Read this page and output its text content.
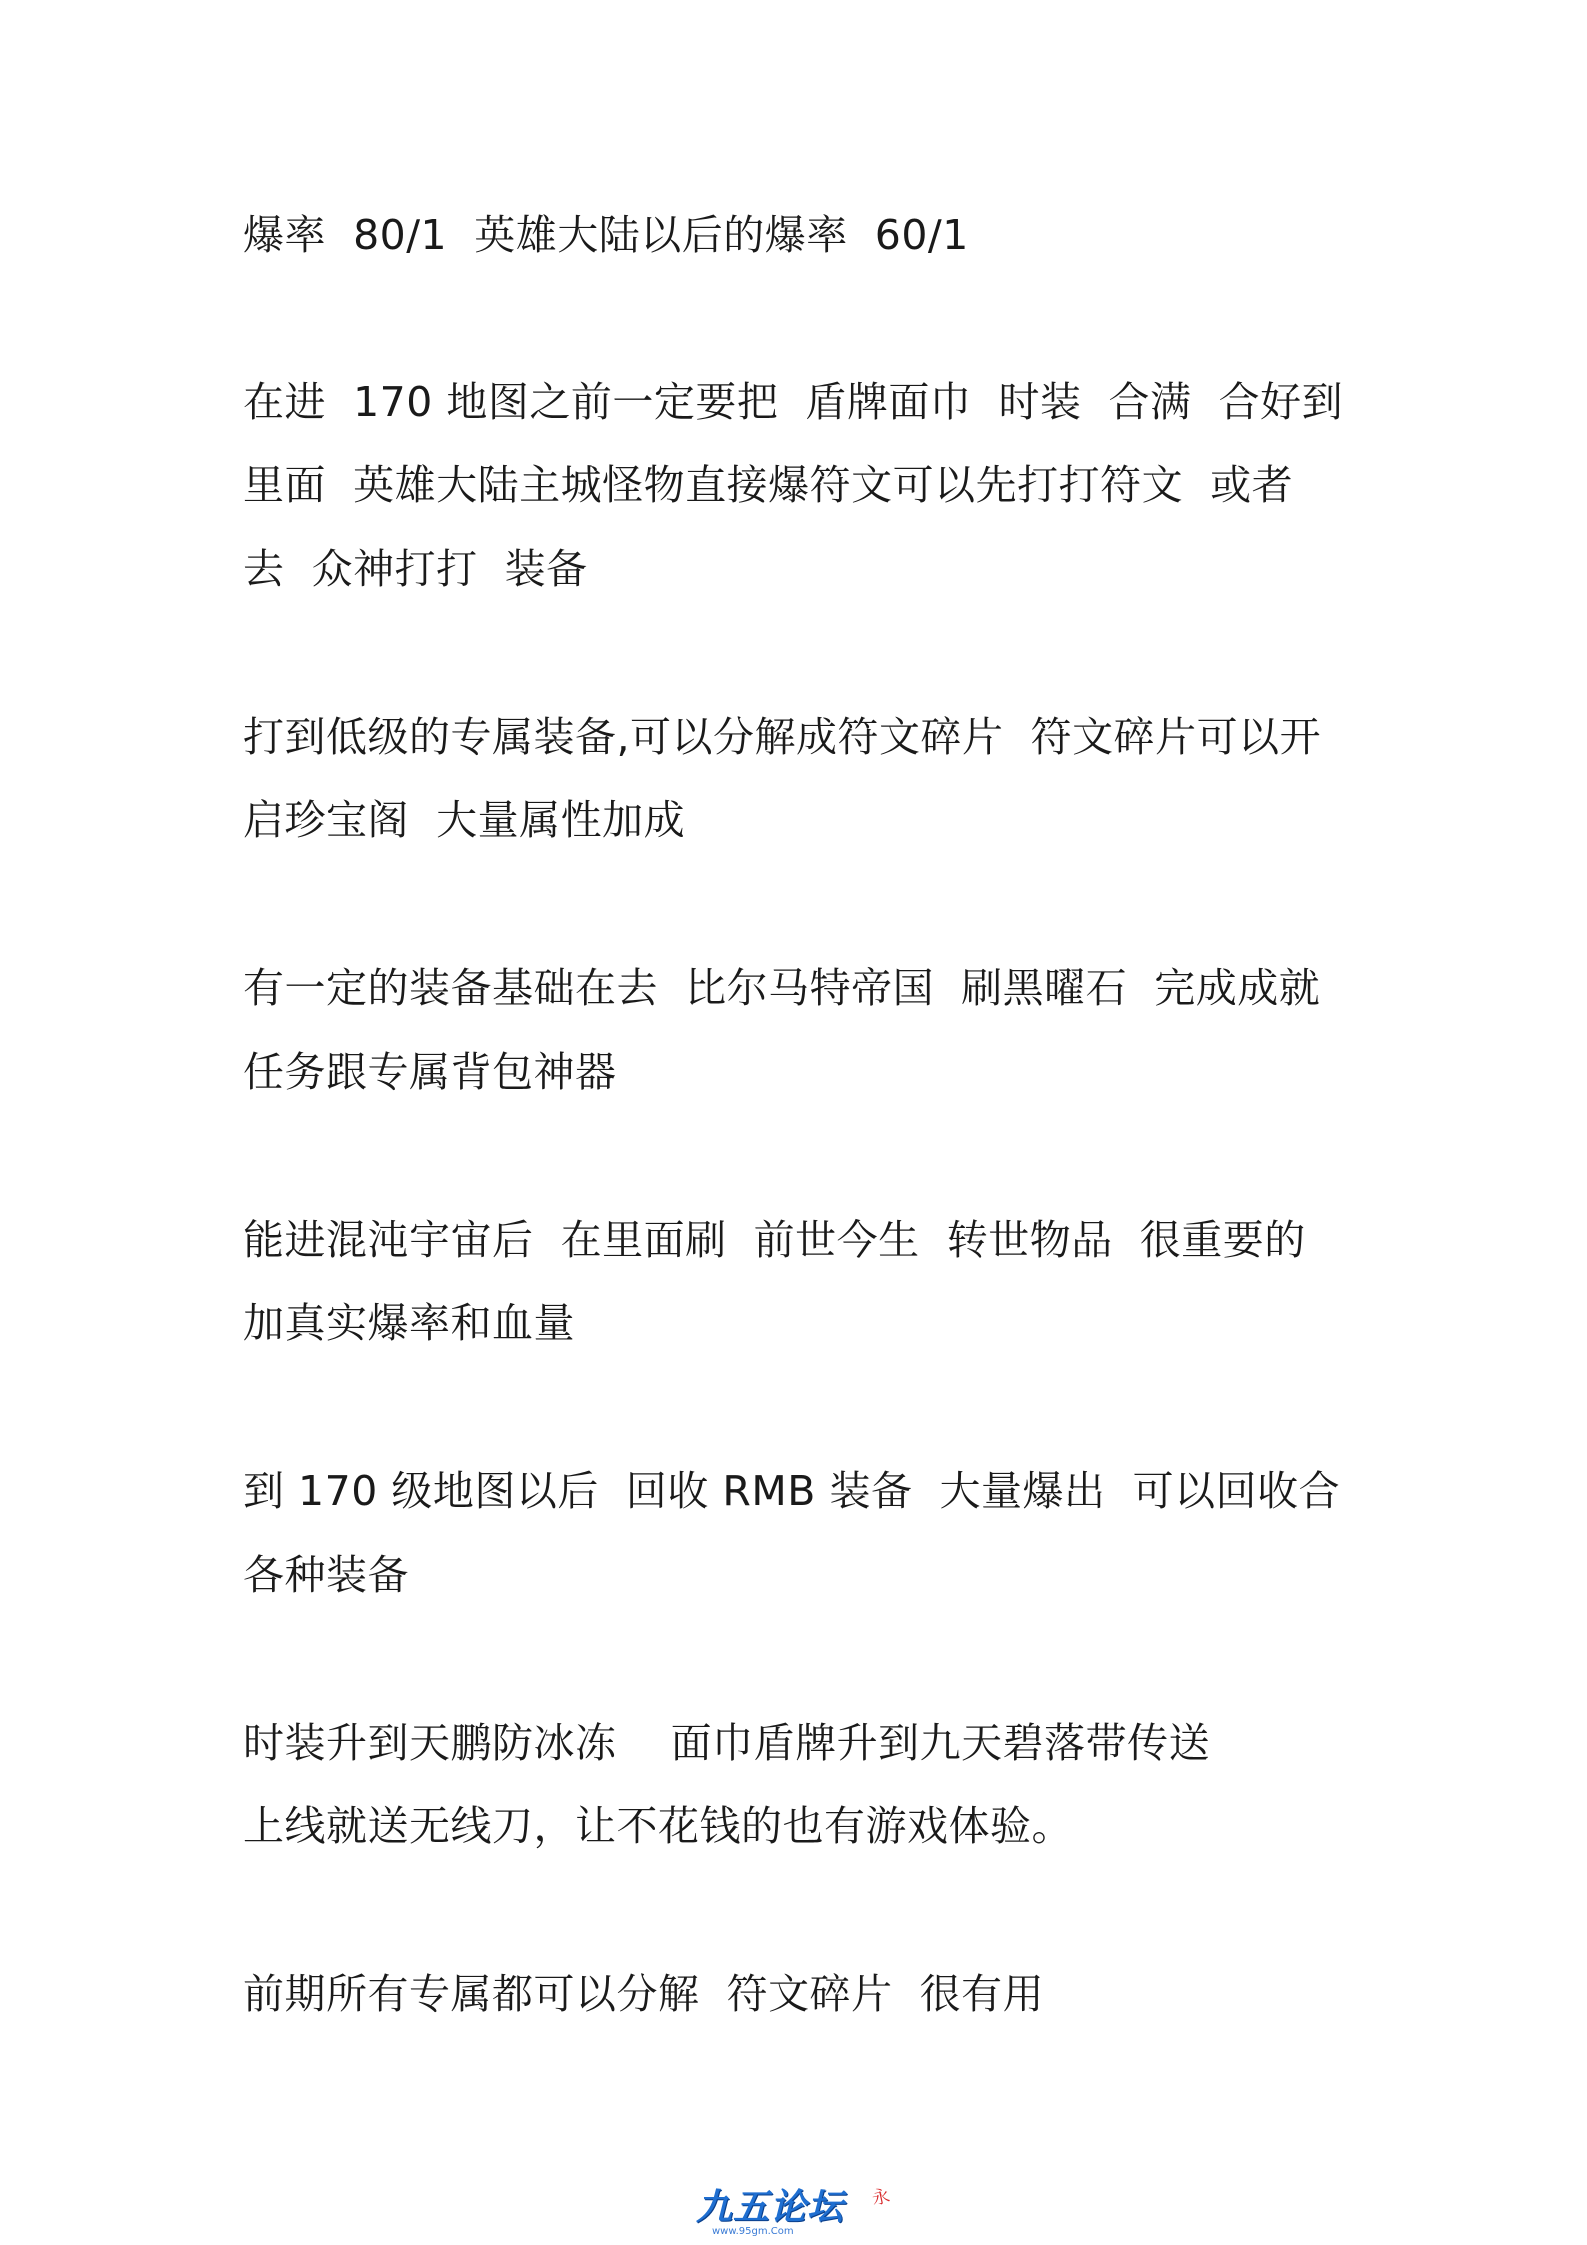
爆率  80/1  英雄大陆以后的爆率  60/1
在进  170 地图之前一定要把  盾牌面巾  时装  合满  合好到
里面  英雄大陆主城怪物直接爆符文可以先打打符文  或者
去  众神打打  装备
打到低级的专属装备,可以分解成符文碎片  符文碎片可以开
启珍宝阁  大量属性加成
有一定的装备基础在去  比尔马特帝国  刷黑曜石  完成成就
任务跟专属背包神器
能进混沌宇宙后  在里面刷  前世今生  转世物品  很重要的
加真实爆率和血量
到 170 级地图以后  回收 RMB 装备  大量爆出  可以回收合
各种装备
时装升到天鹏防冰冻    面巾盾牌升到九天碧落带传送
上线就送无线刀，让不花钱的也有游戏体验。
前期所有专属都可以分解  符文碎片  很有用
九五论坛 永
www.95gm.Com
